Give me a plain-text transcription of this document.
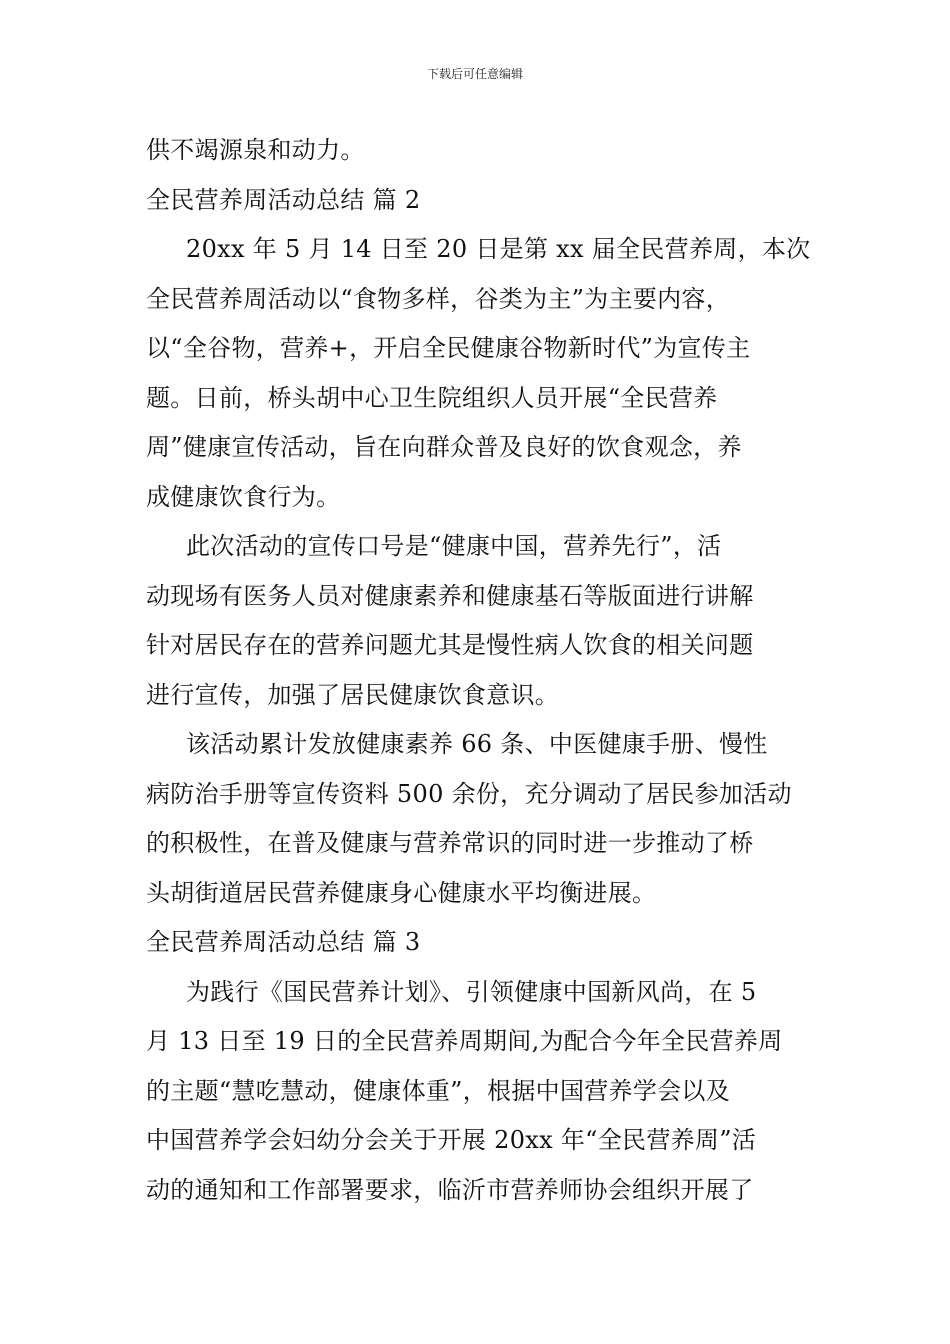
下载后可任意编辑
供不竭源泉和动力。
全民营养周活动总结 篇 2
20xx 年 5 月 14 日至 20 日是第 xx 届全民营养周，本次
全民营养周活动以“食物多样，谷类为主”为主要内容，
以“全谷物，营养+，开启全民健康谷物新时代”为宣传主
题。日前，桥头胡中心卫生院组织人员开展“全民营养
周”健康宣传活动，旨在向群众普及良好的饮食观念，养
成健康饮食行为。
此次活动的宣传口号是“健康中国，营养先行”，活
动现场有医务人员对健康素养和健康基石等版面进行讲解
针对居民存在的营养问题尤其是慢性病人饮食的相关问题
进行宣传，加强了居民健康饮食意识。
该活动累计发放健康素养 66 条、中医健康手册、慢性
病防治手册等宣传资料 500 余份，充分调动了居民参加活动
的积极性，在普及健康与营养常识的同时进一步推动了桥
头胡街道居民营养健康身心健康水平均衡进展。
全民营养周活动总结 篇 3
为践行《国民营养计划》、引领健康中国新风尚，在 5
月 13 日至 19 日的全民营养周期间,为配合今年全民营养周
的主题“慧吃慧动，健康体重”，根据中国营养学会以及
中国营养学会妇幼分会关于开展 20xx 年“全民营养周”活
动的通知和工作部署要求，临沂市营养师协会组织开展了
